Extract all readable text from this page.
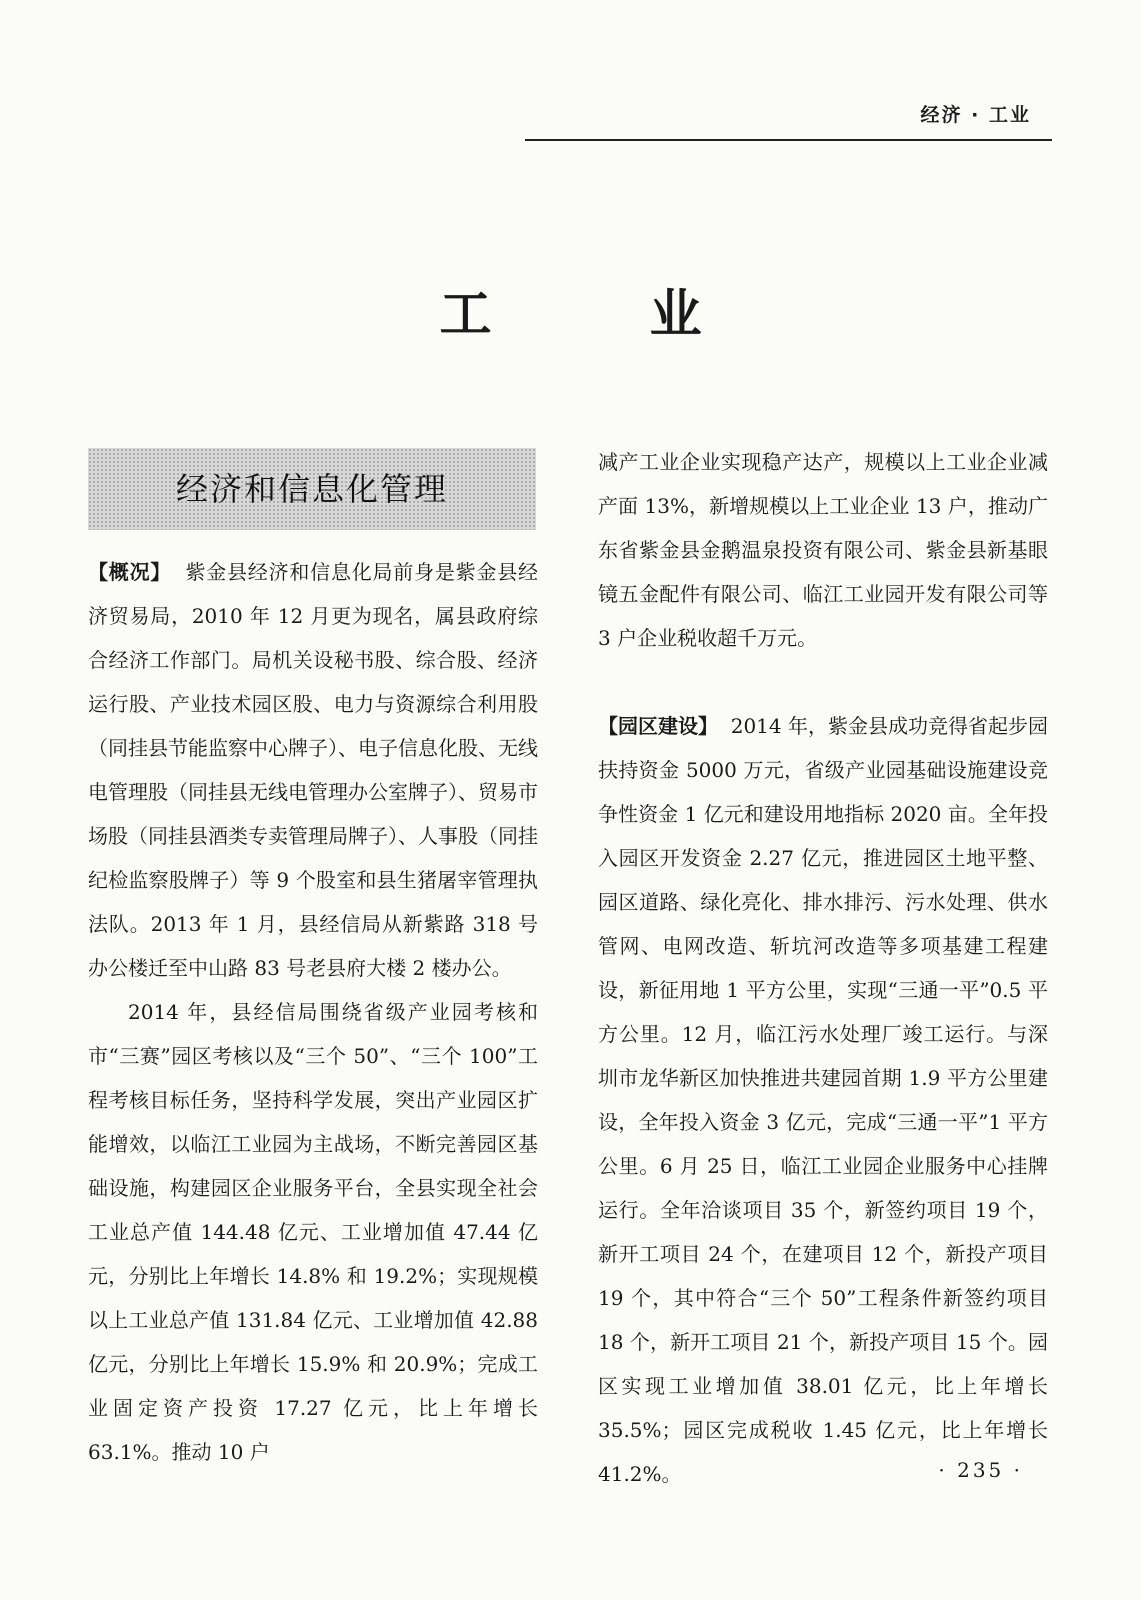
经济 · 工业
工 业
经济和信息化管理

【概况】 紫金县经济和信息化局前身是紫金县经济贸易局，2010 年 12 月更为现名，属县政府综合经济工作部门。局机关设秘书股、综合股、经济运行股、产业技术园区股、电力与资源综合利用股（同挂县节能监察中心牌子）、电子信息化股、无线电管理股（同挂县无线电管理办公室牌子）、贸易市场股（同挂县酒类专卖管理局牌子）、人事股（同挂纪检监察股牌子）等 9 个股室和县生猪屠宰管理执法队。2013 年 1 月，县经信局从新紫路 318 号办公楼迁至中山路 83 号老县府大楼 2 楼办公。

2014 年，县经信局围绕省级产业园考核和市“三赛”园区考核以及“三个 50”、“三个 100”工程考核目标任务，坚持科学发展，突出产业园区扩能增效，以临江工业园为主战场，不断完善园区基础设施，构建园区企业服务平台，全县实现全社会工业总产值 144.48 亿元、工业增加值 47.44 亿元，分别比上年增长 14.8% 和 19.2%；实现规模以上工业总产值 131.84 亿元、工业增加值 42.88 亿元，分别比上年增长 15.9% 和 20.9%；完成工业固定资产投资 17.27 亿元，比上年增长 63.1%。推动 10 户

减产工业企业实现稳产达产，规模以上工业企业减产面 13%，新增规模以上工业企业 13 户，推动广东省紫金县金鹅温泉投资有限公司、紫金县新基眼镜五金配件有限公司、临江工业园开发有限公司等 3 户企业税收超千万元。

【园区建设】 2014 年，紫金县成功竞得省起步园扶持资金 5000 万元，省级产业园基础设施建设竞争性资金 1 亿元和建设用地指标 2020 亩。全年投入园区开发资金 2.27 亿元，推进园区土地平整、园区道路、绿化亮化、排水排污、污水处理、供水管网、电网改造、斩坑河改造等多项基建工程建设，新征用地 1 平方公里，实现“三通一平”0.5 平方公里。12 月，临江污水处理厂竣工运行。与深圳市龙华新区加快推进共建园首期 1.9 平方公里建设，全年投入资金 3 亿元，完成“三通一平”1 平方公里。6 月 25 日，临江工业园企业服务中心挂牌运行。全年洽谈项目 35 个，新签约项目 19 个，新开工项目 24 个，在建项目 12 个，新投产项目 19 个，其中符合“三个 50”工程条件新签约项目 18 个，新开工项目 21 个，新投产项目 15 个。园区实现工业增加值 38.01 亿元，比上年增长 35.5%；园区完成税收 1.45 亿元，比上年增长 41.2%。	· 235 ·
